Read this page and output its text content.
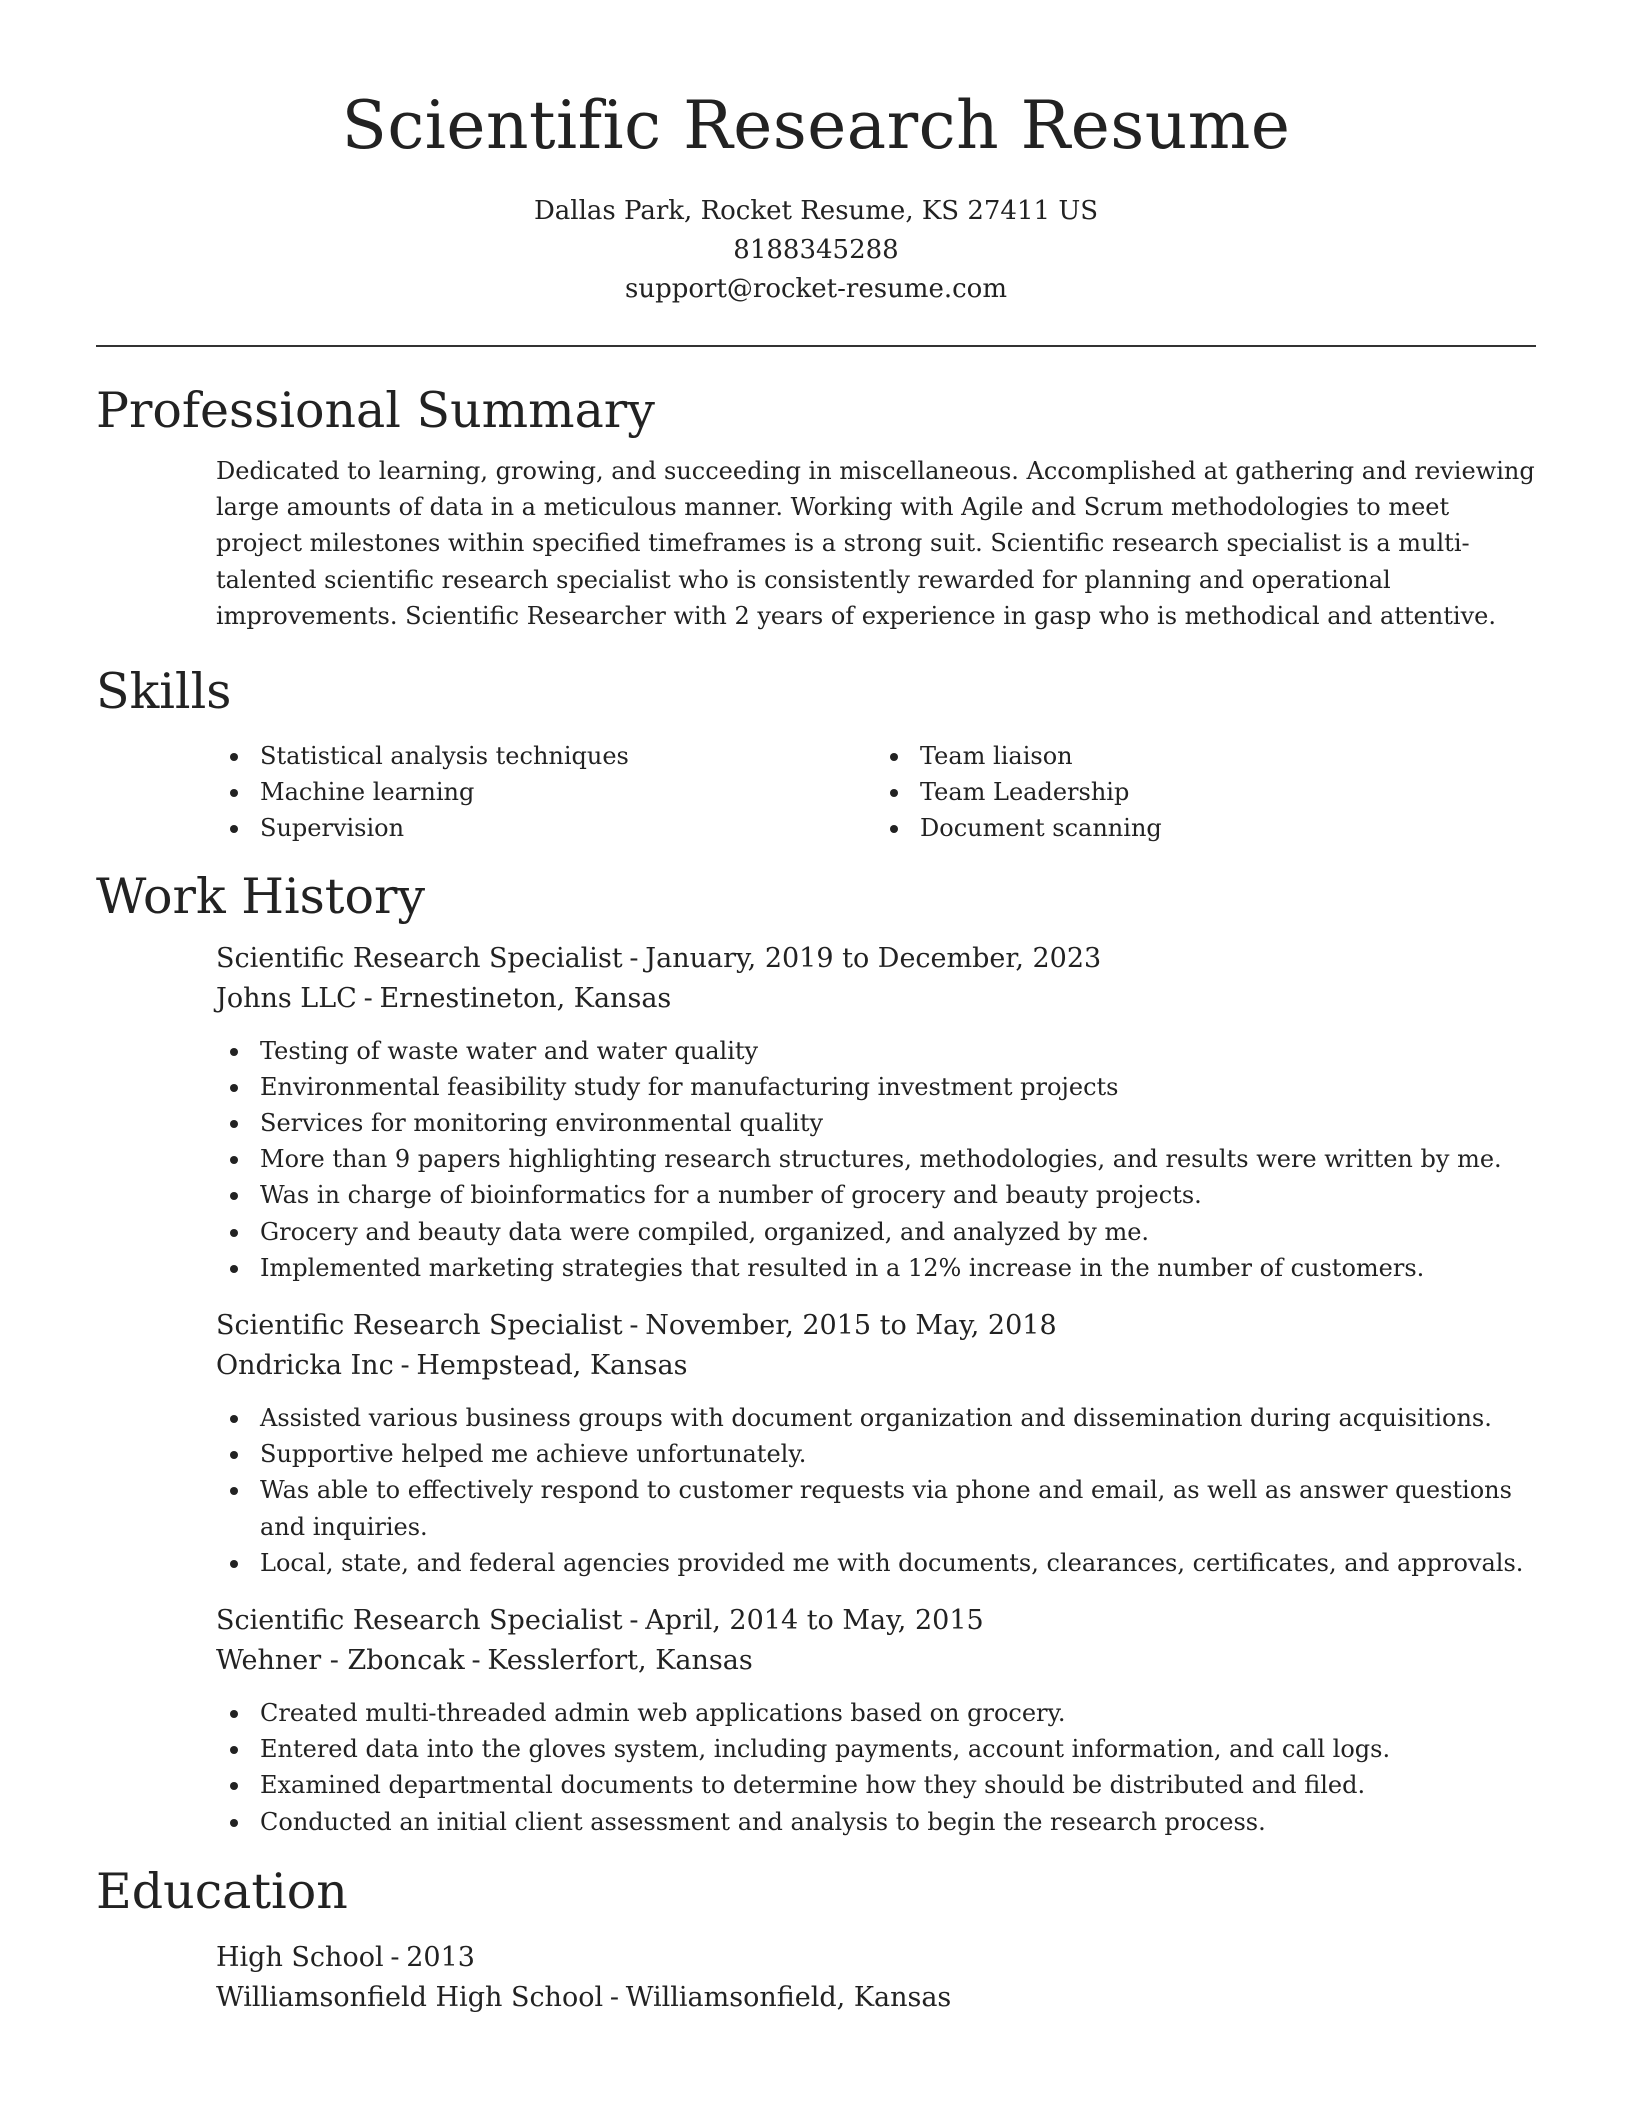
Scientific Research Resume
Dallas Park, Rocket Resume, KS 27411 US
8188345288
support@rocket-resume.com
Professional Summary
Dedicated to learning, growing, and succeeding in miscellaneous. Accomplished at gathering and reviewing large amounts of data in a meticulous manner. Working with Agile and Scrum methodologies to meet project milestones within specified timeframes is a strong suit. Scientific research specialist is a multi-talented scientific research specialist who is consistently rewarded for planning and operational improvements. Scientific Researcher with 2 years of experience in gasp who is methodical and attentive.
Skills
Statistical analysis techniques
Machine learning
Supervision
Team liaison
Team Leadership
Document scanning
Work History
Scientific Research Specialist - January, 2019 to December, 2023
Johns LLC - Ernestineton, Kansas
Testing of waste water and water quality
Environmental feasibility study for manufacturing investment projects
Services for monitoring environmental quality
More than 9 papers highlighting research structures, methodologies, and results were written by me.
Was in charge of bioinformatics for a number of grocery and beauty projects.
Grocery and beauty data were compiled, organized, and analyzed by me.
Implemented marketing strategies that resulted in a 12% increase in the number of customers.
Scientific Research Specialist - November, 2015 to May, 2018
Ondricka Inc - Hempstead, Kansas
Assisted various business groups with document organization and dissemination during acquisitions.
Supportive helped me achieve unfortunately.
Was able to effectively respond to customer requests via phone and email, as well as answer questions and inquiries.
Local, state, and federal agencies provided me with documents, clearances, certificates, and approvals.
Scientific Research Specialist - April, 2014 to May, 2015
Wehner - Zboncak - Kesslerfort, Kansas
Created multi-threaded admin web applications based on grocery.
Entered data into the gloves system, including payments, account information, and call logs.
Examined departmental documents to determine how they should be distributed and filed.
Conducted an initial client assessment and analysis to begin the research process.
Education
High School - 2013
Williamsonfield High School - Williamsonfield, Kansas
